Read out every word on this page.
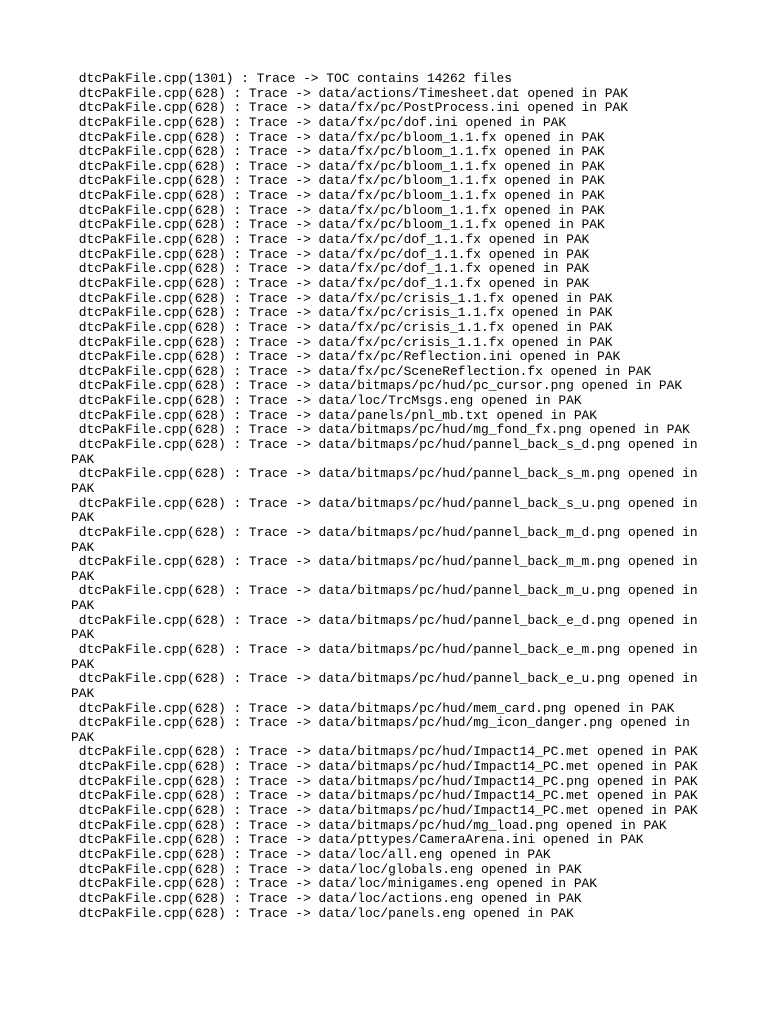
dtcPakFile.cpp(1301) : Trace -> TOC contains 14262 files
dtcPakFile.cpp(628) : Trace -> data/actions/Timesheet.dat opened in PAK
dtcPakFile.cpp(628) : Trace -> data/fx/pc/PostProcess.ini opened in PAK
dtcPakFile.cpp(628) : Trace -> data/fx/pc/dof.ini opened in PAK
dtcPakFile.cpp(628) : Trace -> data/fx/pc/bloom_1.1.fx opened in PAK
dtcPakFile.cpp(628) : Trace -> data/fx/pc/bloom_1.1.fx opened in PAK
dtcPakFile.cpp(628) : Trace -> data/fx/pc/bloom_1.1.fx opened in PAK
dtcPakFile.cpp(628) : Trace -> data/fx/pc/bloom_1.1.fx opened in PAK
dtcPakFile.cpp(628) : Trace -> data/fx/pc/bloom_1.1.fx opened in PAK
dtcPakFile.cpp(628) : Trace -> data/fx/pc/bloom_1.1.fx opened in PAK
dtcPakFile.cpp(628) : Trace -> data/fx/pc/bloom_1.1.fx opened in PAK
dtcPakFile.cpp(628) : Trace -> data/fx/pc/dof_1.1.fx opened in PAK
dtcPakFile.cpp(628) : Trace -> data/fx/pc/dof_1.1.fx opened in PAK
dtcPakFile.cpp(628) : Trace -> data/fx/pc/dof_1.1.fx opened in PAK
dtcPakFile.cpp(628) : Trace -> data/fx/pc/dof_1.1.fx opened in PAK
dtcPakFile.cpp(628) : Trace -> data/fx/pc/crisis_1.1.fx opened in PAK
dtcPakFile.cpp(628) : Trace -> data/fx/pc/crisis_1.1.fx opened in PAK
dtcPakFile.cpp(628) : Trace -> data/fx/pc/crisis_1.1.fx opened in PAK
dtcPakFile.cpp(628) : Trace -> data/fx/pc/crisis_1.1.fx opened in PAK
dtcPakFile.cpp(628) : Trace -> data/fx/pc/Reflection.ini opened in PAK
dtcPakFile.cpp(628) : Trace -> data/fx/pc/SceneReflection.fx opened in PAK
dtcPakFile.cpp(628) : Trace -> data/bitmaps/pc/hud/pc_cursor.png opened in PAK
dtcPakFile.cpp(628) : Trace -> data/loc/TrcMsgs.eng opened in PAK
dtcPakFile.cpp(628) : Trace -> data/panels/pnl_mb.txt opened in PAK
dtcPakFile.cpp(628) : Trace -> data/bitmaps/pc/hud/mg_fond_fx.png opened in PAK
dtcPakFile.cpp(628) : Trace -> data/bitmaps/pc/hud/pannel_back_s_d.png opened in
PAK
dtcPakFile.cpp(628) : Trace -> data/bitmaps/pc/hud/pannel_back_s_m.png opened in
PAK
dtcPakFile.cpp(628) : Trace -> data/bitmaps/pc/hud/pannel_back_s_u.png opened in
PAK
dtcPakFile.cpp(628) : Trace -> data/bitmaps/pc/hud/pannel_back_m_d.png opened in
PAK
dtcPakFile.cpp(628) : Trace -> data/bitmaps/pc/hud/pannel_back_m_m.png opened in
PAK
dtcPakFile.cpp(628) : Trace -> data/bitmaps/pc/hud/pannel_back_m_u.png opened in
PAK
dtcPakFile.cpp(628) : Trace -> data/bitmaps/pc/hud/pannel_back_e_d.png opened in
PAK
dtcPakFile.cpp(628) : Trace -> data/bitmaps/pc/hud/pannel_back_e_m.png opened in
PAK
dtcPakFile.cpp(628) : Trace -> data/bitmaps/pc/hud/pannel_back_e_u.png opened in
PAK
dtcPakFile.cpp(628) : Trace -> data/bitmaps/pc/hud/mem_card.png opened in PAK
dtcPakFile.cpp(628) : Trace -> data/bitmaps/pc/hud/mg_icon_danger.png opened in
PAK
dtcPakFile.cpp(628) : Trace -> data/bitmaps/pc/hud/Impact14_PC.met opened in PAK
dtcPakFile.cpp(628) : Trace -> data/bitmaps/pc/hud/Impact14_PC.met opened in PAK
dtcPakFile.cpp(628) : Trace -> data/bitmaps/pc/hud/Impact14_PC.png opened in PAK
dtcPakFile.cpp(628) : Trace -> data/bitmaps/pc/hud/Impact14_PC.met opened in PAK
dtcPakFile.cpp(628) : Trace -> data/bitmaps/pc/hud/Impact14_PC.met opened in PAK
dtcPakFile.cpp(628) : Trace -> data/bitmaps/pc/hud/mg_load.png opened in PAK
dtcPakFile.cpp(628) : Trace -> data/pttypes/CameraArena.ini opened in PAK
dtcPakFile.cpp(628) : Trace -> data/loc/all.eng opened in PAK
dtcPakFile.cpp(628) : Trace -> data/loc/globals.eng opened in PAK
dtcPakFile.cpp(628) : Trace -> data/loc/minigames.eng opened in PAK
dtcPakFile.cpp(628) : Trace -> data/loc/actions.eng opened in PAK
dtcPakFile.cpp(628) : Trace -> data/loc/panels.eng opened in PAK
